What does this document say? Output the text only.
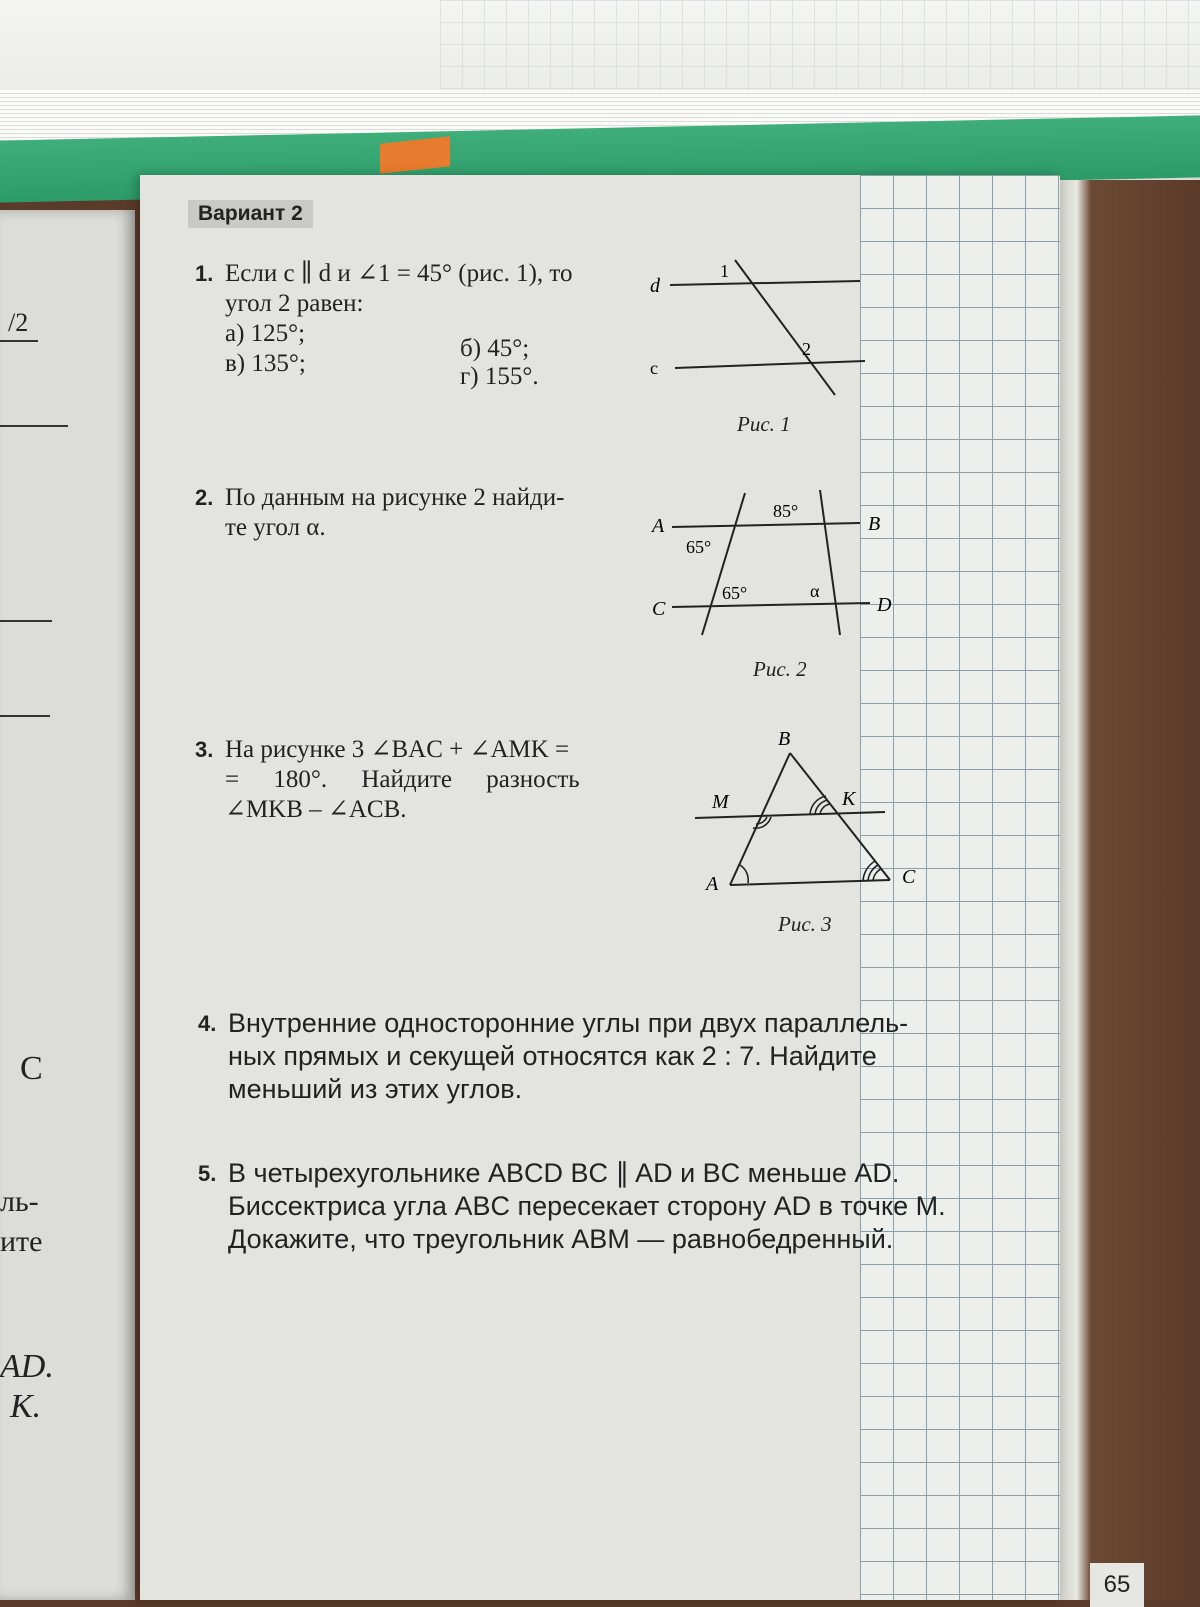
/2
C
ль-
ите
AD.
K.
Вариант 2
1. Если c ∥ d и ∠1 = 45° (рис. 1), то
угол 2 равен:
а) 125°;
в) 135°;
б) 45°;
г) 155°.
d
c
1
2
Рис. 1
2. По данным на рисунке 2 найди-
те угол α.	A	B
C	D
85°
65°
65°	α
Рис. 2
3. На рисунке 3 ∠BAC + ∠AMK =
= 180°. Найдите разность
∠MKB – ∠ACB.
B
M	K
A	C
Рис. 3
4. Внутренние односторонние углы при двух параллель-
ных прямых и секущей относятся как 2 : 7. Найдите
меньший из этих углов.
5. В четырехугольнике ABCD BC ∥ AD и BC меньше AD.
Биссектриса угла ABC пересекает сторону AD в точке M.
Докажите, что треугольник ABM — равнобедренный.
65
